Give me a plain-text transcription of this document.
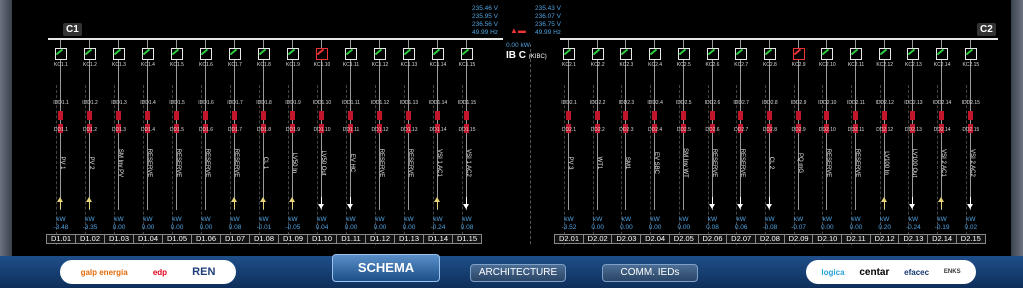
C1	C2
235.46 V
235.95 V
236.56 V
49.99 Hz
235.43 V
236.07 V
236.75 V
49.99 Hz
▲▬
0.00 kW
IB C (KIBC)
KC1.1
IDD1.1
DD1.1
PV 1
kW
-3.48
D1.01
KC1.2
IDD1.2
DD1.2
PV 2
kW
-3.35
D1.02
KC1.3
IDD1.3
DD1.3
SM Inv PV
kW
0.00
D1.03
KC1.4
IDD1.4
DD1.4
RESERVE
kW
0.00
D1.04
KC1.5
IDD1.5
DD1.5
RESERVE
kW
0.00
D1.05
KC1.6
IDD1.6
DD1.6
RESERVE
kW
0.00
D1.06
KC1.7
IDD1.7
DD1.7
RESERVE
kW
0.08
D1.07
KC1.8
IDD1.8
DD1.8
CL 1
kW
-0.01
D1.08
KC1.9
IDD1.9
DD1.9
LV50 In
kW
-0.05
D1.09
KC1.10
IDD1.10
DD1.10
LV50 Out
kW
0.04
D1.10
KC1.11
IDD1.11
DD1.11
EV HC
kW
0.00
D1.11
KC1.12
IDD1.12
DD1.12
RESERVE
kW
0.00
D1.12
KC1.13
IDD1.13
DD1.13
RESERVE
kW
0.00
D1.13
KC1.14
IDD1.14
DD1.14
VSI 1 AC1
kW
-0.24
D1.14
KC1.15
IDD1.15
DD1.15
VSI 1 AC2
kW
0.08
D1.15
KC2.1
IDD2.1
DD2.1
PV 3
kW
-3.52
D2.01
KC2.2
IDD2.2
DD2.2
WT1
kW
0.00
D2.02
KC2.3
IDD2.3
DD2.3
SM1
kW
0.00
D2.03
KC2.4
IDD2.4
DD2.4
EV SBC
kW
0.00
D2.04
KC2.5
IDD2.5
DD2.5
SM Inv WT
kW
0.00
D2.05
KC2.6
IDD2.6
DD2.6
RESERVE
kW
0.08
D2.06
KC2.7
IDD2.7
DD2.7
RESERVE
kW
0.06
D2.07
KC2.8
IDD2.8
DD2.8
CL 2
kW
-0.08
D2.08
KC2.9
IDD2.9
DD2.9
PQ mG
kW
-0.07
D2.09
KC2.10
IDD2.10
DD2.10
RESERVE
kW
0.00
D2.10
KC2.11
IDD2.11
DD2.11
RESERVE
kW
0.00
D2.11
KC2.12
IDD2.12
DD2.12
LV100 In
kW
0.20
D2.12
KC2.13
IDD2.13
DD2.13
LV100 Out
kW
-0.24
D2.13
KC2.14
IDD2.14
DD2.14
VSI 2 AC1
kW
-0.19
D2.14
KC2.15
IDD2.15
DD2.15
VSI 2 AC2
kW
0.02
D2.15
galp energia	edp REN	logica centar efacec ENKS
SCHEMA	ARCHITECTURE	COMM. IEDs
